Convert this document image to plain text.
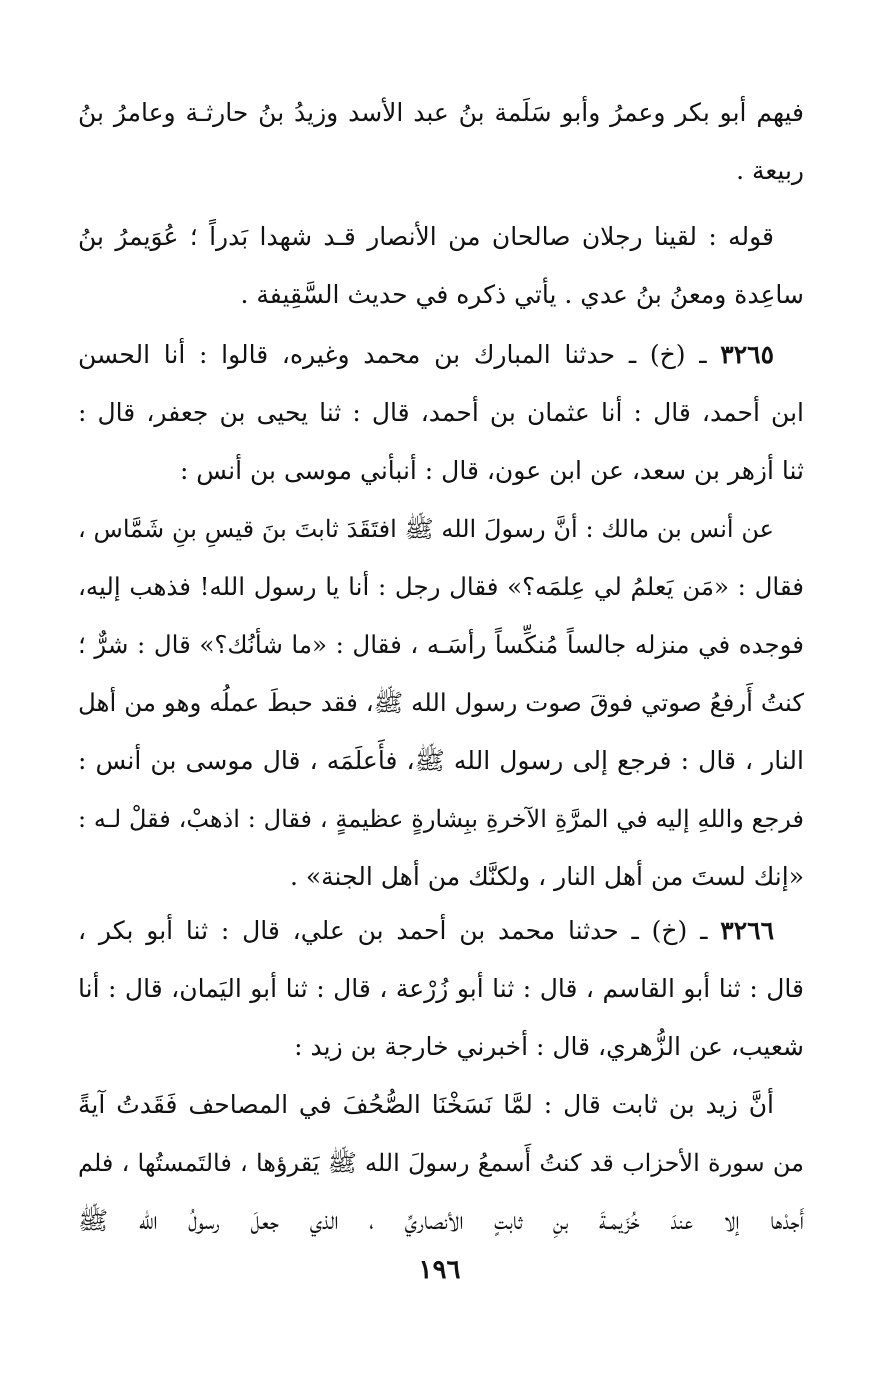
فيهم أبو بكر وعمرُ وأبو سَلَمة بنُ عبد الأسد وزيدُ بنُ حارثـة وعامرُ بنُ
ربيعة .
قوله : لقينا رجلان صالحان من الأنصار قـد شهدا بَدراً ؛ عُوَيمرُ بنُ
ساعِدة ومعنُ بنُ عدي . يأتي ذكره في حديث السَّقِيفة .
٣٢٦٥ ـ (خ) ـ حدثنا المبارك بن محمد وغيره، قالوا : أنا الحسن
ابن أحمد، قال : أنا عثمان بن أحمد، قال : ثنا يحيى بن جعفر، قال :
ثنا أزهر بن سعد، عن ابن عون، قال : أنبأني موسى بن أنس :
عن أنس بن مالك : أنَّ رسولَ الله ﷺ افتَقَدَ ثابتَ بنَ قيسِ بنِ شَمَّاس ،
فقال : «مَن يَعلمُ لي عِلمَه؟» فقال رجل : أنا يا رسول الله! فذهب إليه،
فوجده في منزله جالساً مُنكِّساً رأسَـه ، فقال : «ما شأنُك؟» قال : شرٌّ ؛
كنتُ أَرفعُ صوتي فوقَ صوت رسول الله ﷺ، فقد حبطَ عملُه وهو من أهل
النار ، قال : فرجع إلى رسول الله ﷺ، فأَعلَمَه ، قال موسى بن أنس :
فرجع واللهِ إليه في المرَّةِ الآخرةِ ببِشارةٍ عظيمةٍ ، فقال : اذهبْ، فقلْ لـه :
«إنك لستَ من أهل النار ، ولكنَّك من أهل الجنة» .
٣٢٦٦ ـ (خ) ـ حدثنا محمد بن أحمد بن علي، قال : ثنا أبو بكر ،
قال : ثنا أبو القاسم ، قال : ثنا أبو زُرْعة ، قال : ثنا أبو اليَمان، قال : أنا
شعيب، عن الزُّهري، قال : أخبرني خارجة بن زيد :
أنَّ زيد بن ثابت قال : لمَّا نَسَخْنَا الصُّحُفَ في المصاحف فَقَدتُ آيةً
من سورة الأحزاب قد كنتُ أَسمعُ رسولَ الله ﷺ يَقرؤها ، فالتَمستُها ، فلم
أَجدْها إلا عندَ خُزَيمـةَ بنِ ثابتٍ الأنصاريِّ ، الذي جعلَ رسولُ الله ﷺ
١٩٦
